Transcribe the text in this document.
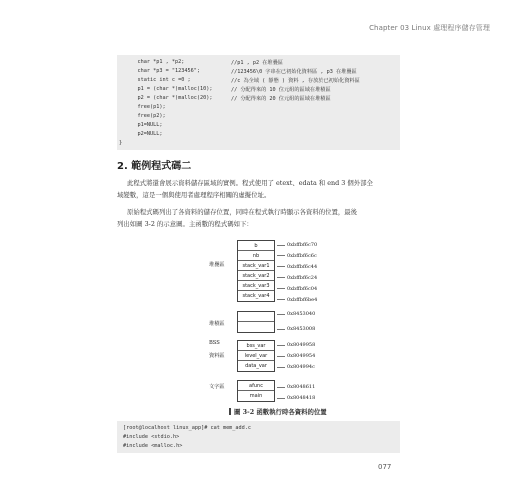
Chapter 03 Linux 處理程序儲存管理
char *p1 , *p2;	//p1 , p2 在堆疊區
char *p3 = "123456";	//123456\0 字串在已初始化資料區 , p3 在堆疊區
static int c =0 ;	//c 為全域 ( 靜態 ) 資料 , 存放於已初始化資料區
p1 = (char *)malloc(10);	// 分配得來的 10 位元組的區域在堆積區
p2 = (char *)malloc(20);	// 分配得來的 20 位元組的區域在堆積區
free(p1);
free(p2);
p1=NULL;
p2=NULL;
}
2. 範例程式碼二
此程式將還會展示資料儲存區域的實例。程式使用了 etext、edata 和 end 3 個外部全
域變數，這是一個與使用者處理程序相關的虛擬位址。
原始程式碼列出了各資料的儲存位置，同時在程式執行時顯示各資料的位置，最後
列出如圖 3-2 的示意圖。主函數的程式碼如下：
堆疊區
b
nb
stack_var1
stack_var2
stack_var3
stack_var4
0xbffbf6c70
0xbffbf6c6c
0xbffbf6c44
0xbffbf6c24
0xbffbf6c04
0xbffbf6be4
堆積區
0x8453040
0x8453008
BSS
資料區
bss_var
level_var
data_var
0x8049958
0x8049954
0x804994c
文字區	afunc
main
0x8048611
0x8048418
圖 3-2 函數執行時各資料的位置
[root@localhost linux_app]# cat mem_add.c
#include <stdio.h>
#include <malloc.h>
077
